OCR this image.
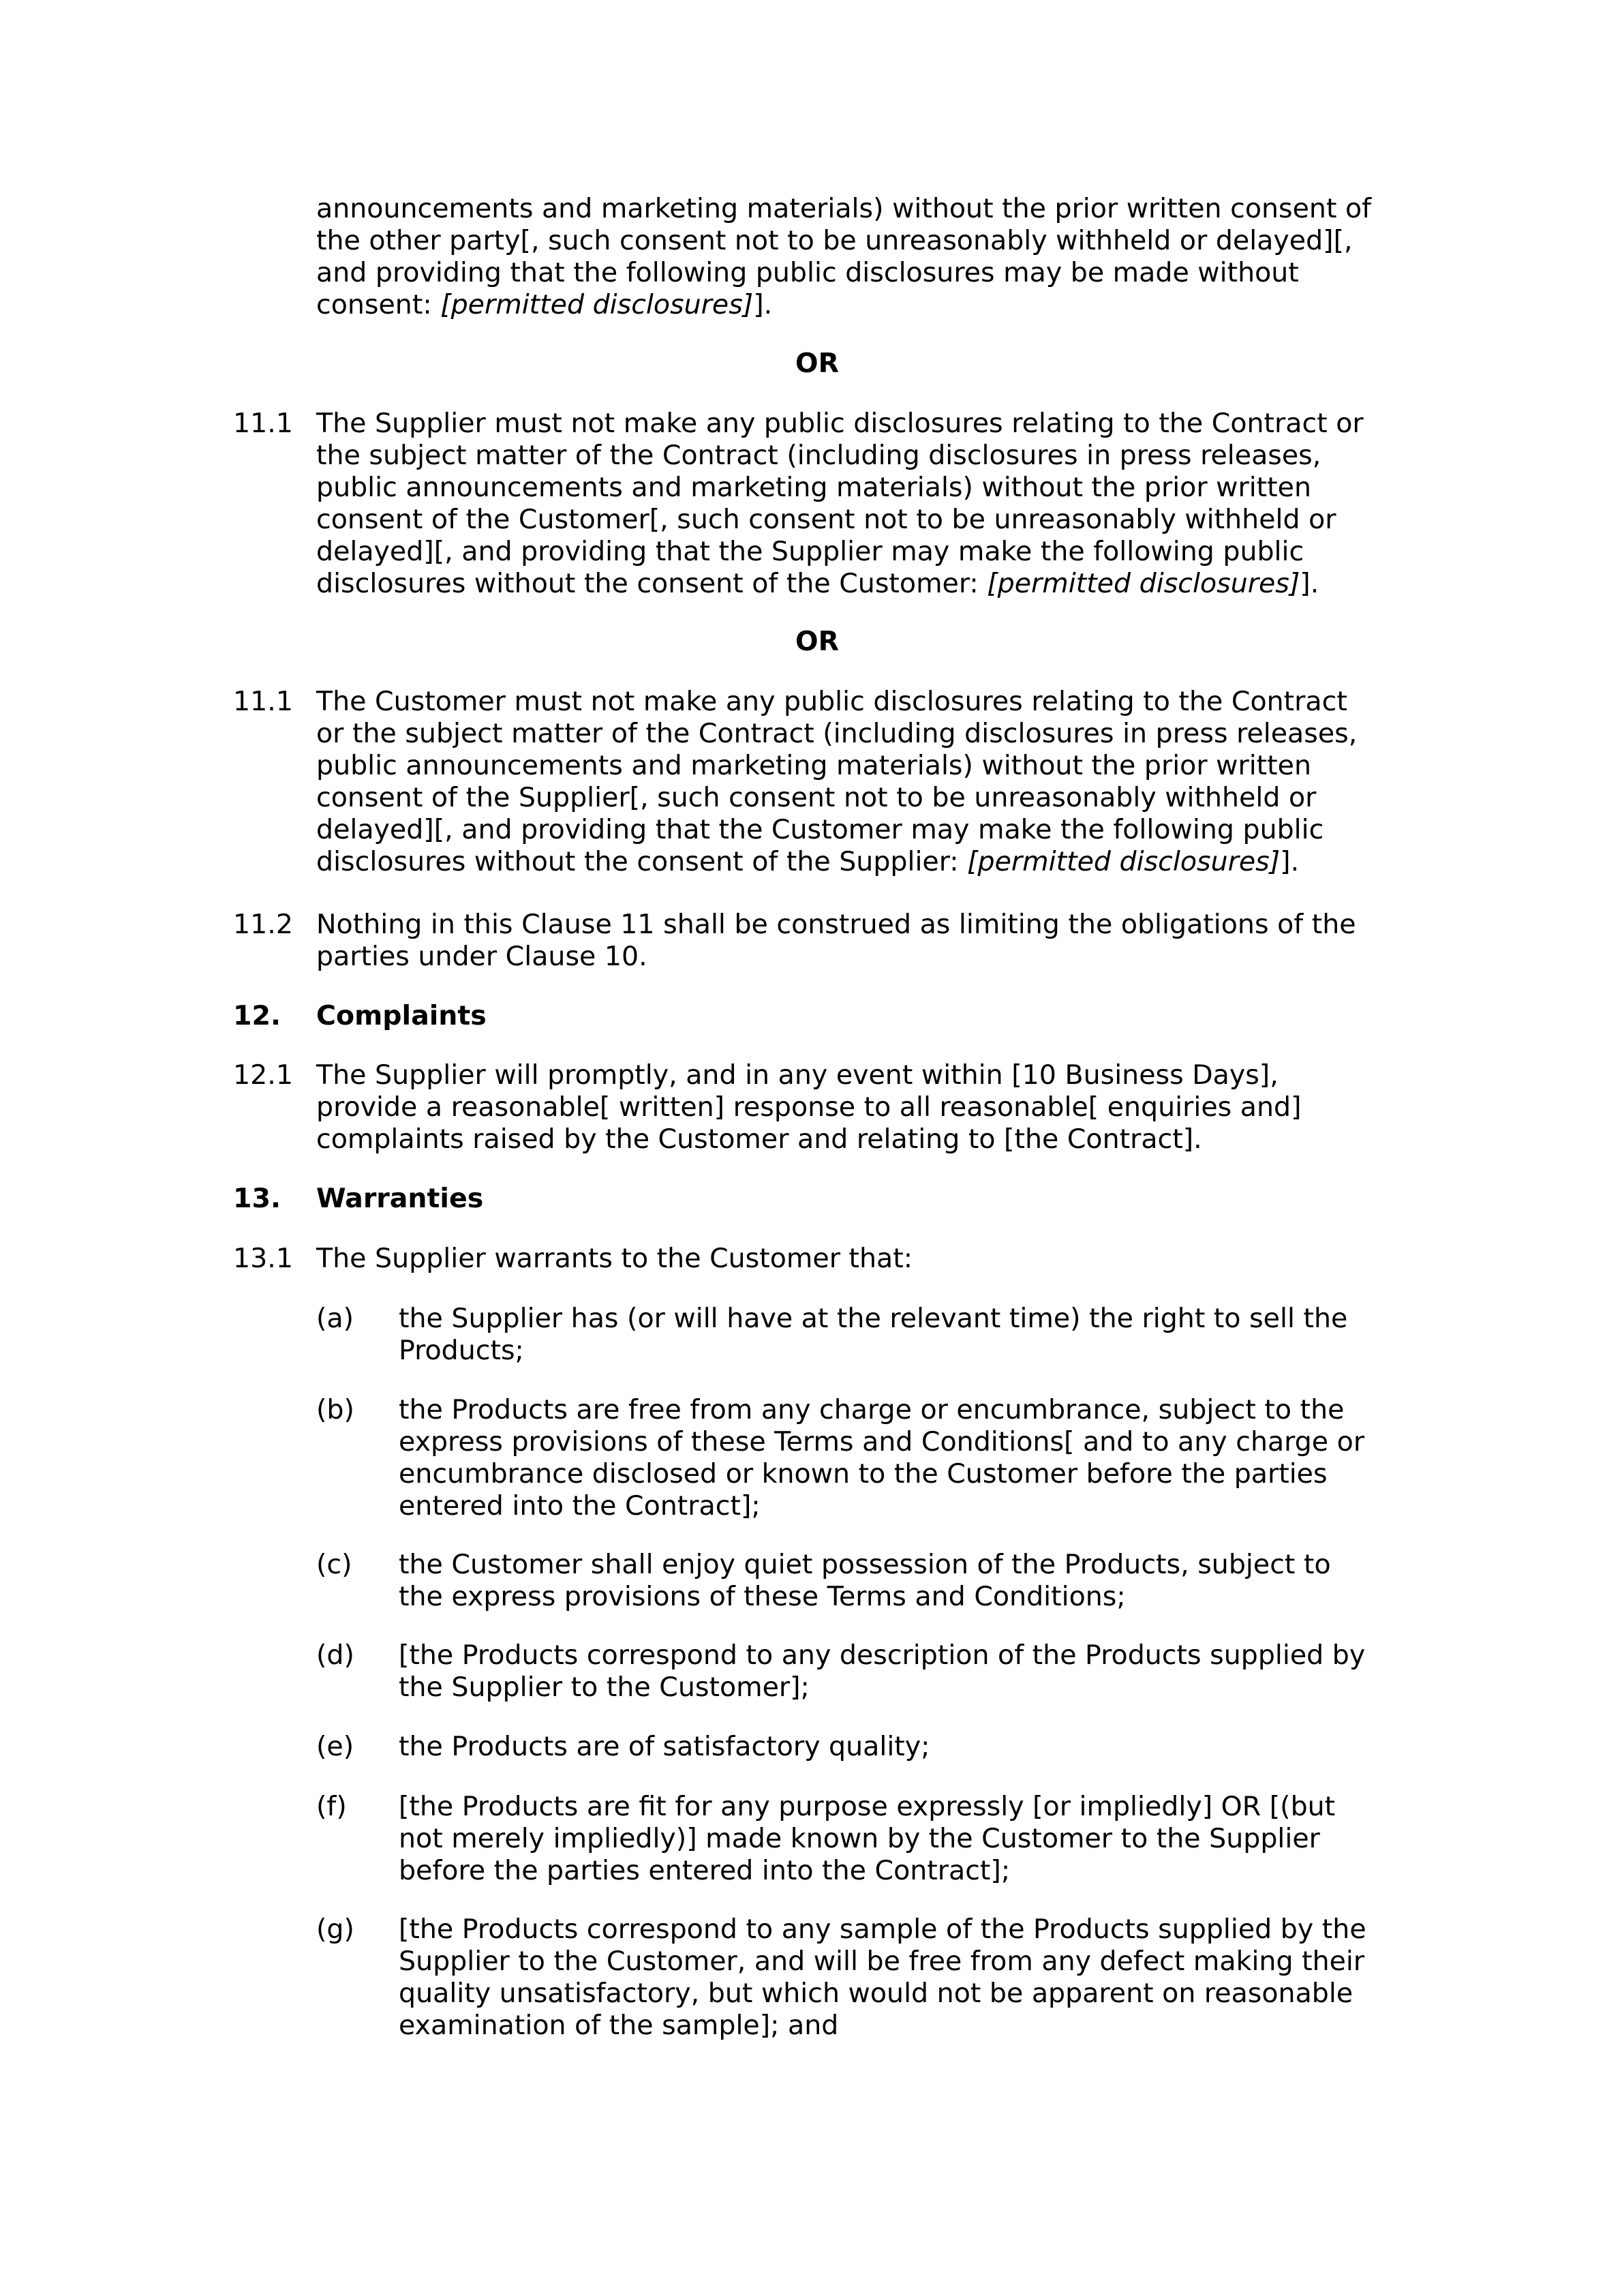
announcements and marketing materials) without the prior written consent of
the other party[, such consent not to be unreasonably withheld or delayed][,
and providing that the following public disclosures may be made without
consent: [permitted disclosures]].
OR
11.1 The Supplier must not make any public disclosures relating to the Contract or
the subject matter of the Contract (including disclosures in press releases,
public announcements and marketing materials) without the prior written
consent of the Customer[, such consent not to be unreasonably withheld or
delayed][, and providing that the Supplier may make the following public
disclosures without the consent of the Customer: [permitted disclosures]].
OR
11.1 The Customer must not make any public disclosures relating to the Contract
or the subject matter of the Contract (including disclosures in press releases,
public announcements and marketing materials) without the prior written
consent of the Supplier[, such consent not to be unreasonably withheld or
delayed][, and providing that the Customer may make the following public
disclosures without the consent of the Supplier: [permitted disclosures]].
11.2 Nothing in this Clause 11 shall be construed as limiting the obligations of the
parties under Clause 10.
12. Complaints
12.1 The Supplier will promptly, and in any event within [10 Business Days],
provide a reasonable[ written] response to all reasonable[ enquiries and]
complaints raised by the Customer and relating to [the Contract].
13. Warranties
13.1 The Supplier warrants to the Customer that:
(a) the Supplier has (or will have at the relevant time) the right to sell the
Products;
(b) the Products are free from any charge or encumbrance, subject to the
express provisions of these Terms and Conditions[ and to any charge or
encumbrance disclosed or known to the Customer before the parties
entered into the Contract];
(c) the Customer shall enjoy quiet possession of the Products, subject to
the express provisions of these Terms and Conditions;
(d) [the Products correspond to any description of the Products supplied by
the Supplier to the Customer];
(e) the Products are of satisfactory quality;
(f) [the Products are fit for any purpose expressly [or impliedly] OR [(but
not merely impliedly)] made known by the Customer to the Supplier
before the parties entered into the Contract];
(g) [the Products correspond to any sample of the Products supplied by the
Supplier to the Customer, and will be free from any defect making their
quality unsatisfactory, but which would not be apparent on reasonable
examination of the sample]; and
